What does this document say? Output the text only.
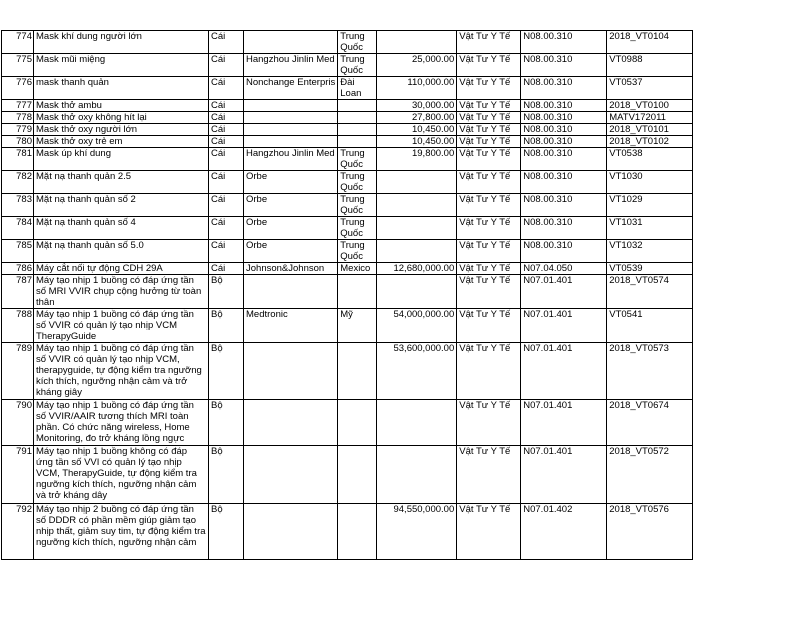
774	Mask khí dung người lớn	Cái		Trung Quốc		Vật Tư Y Tế	N08.00.310	2018_VT0104
775	Mask mũi miệng	Cái	Hangzhou Jinlin Med	Trung Quốc	25,000.00	Vật Tư Y Tế	N08.00.310	VT0988
776	mask thanh quản	Cái	Nonchange Enterpris	Đài Loan	110,000.00	Vật Tư Y Tế	N08.00.310	VT0537
777	Mask thở ambu	Cái			30,000.00	Vật Tư Y Tế	N08.00.310	2018_VT0100
778	Mask thở oxy không hít lại	Cái			27,800.00	Vật Tư Y Tế	N08.00.310	MATV172011
779	Mask thở oxy người lớn	Cái			10,450.00	Vật Tư Y Tế	N08.00.310	2018_VT0101
780	Mask thở oxy trẻ em	Cái			10,450.00	Vật Tư Y Tế	N08.00.310	2018_VT0102
781	Mask úp khí dung	Cái	Hangzhou Jinlin Med	Trung Quốc	19,800.00	Vật Tư Y Tế	N08.00.310	VT0538
782	Mặt nạ thanh quản 2.5	Cái	Orbe	Trung Quốc		Vật Tư Y Tế	N08.00.310	VT1030
783	Mặt nạ thanh quản số 2	Cái	Orbe	Trung Quốc		Vật Tư Y Tế	N08.00.310	VT1029
784	Mặt nạ thanh quản số 4	Cái	Orbe	Trung Quốc		Vật Tư Y Tế	N08.00.310	VT1031
785	Mặt nạ thanh quản số 5.0	Cái	Orbe	Trung Quốc		Vật Tư Y Tế	N08.00.310	VT1032
786	Máy cắt nối tự động CDH 29A	Cái	Johnson&Johnson	Mexico	12,680,000.00	Vật Tư Y Tế	N07.04.050	VT0539
787	Máy tạo nhịp 1 buồng có đáp ứng tần số MRI VVIR chụp cộng hưởng từ toàn thân	Bộ				Vật Tư Y Tế	N07.01.401	2018_VT0574
788	Máy tạo nhịp 1 buồng có đáp ứng tần số VVIR có quản lý tạo nhịp VCM TherapyGuide	Bộ	Medtronic	Mỹ	54,000,000.00	Vật Tư Y Tế	N07.01.401	VT0541
789	Máy tạo nhịp 1 buồng có đáp ứng tần số VVIR có quản lý tạo nhịp VCM, therapyguide, tự động kiểm tra ngưỡng kích thích, ngưỡng nhận cảm và trở kháng giây	Bộ			53,600,000.00	Vật Tư Y Tế	N07.01.401	2018_VT0573
790	Máy tạo nhịp 1 buồng có đáp ứng tần số VVIR/AAIR tương thích MRI toàn phần. Có chức năng wireless, Home Monitoring, đo trở kháng lồng ngực	Bộ				Vật Tư Y Tế	N07.01.401	2018_VT0674
791	Máy tạo nhịp 1 buồng không có đáp ứng tần số VVI có quản lý tạo nhịp VCM, TherapyGuide, tự động kiểm tra ngưỡng kích thích, ngưỡng nhận cảm và trở kháng dây	Bộ				Vật Tư Y Tế	N07.01.401	2018_VT0572
792	Máy tạo nhịp 2 buồng có đáp ứng tần số DDDR có phần mềm giúp giảm tạo nhịp thất, giảm suy tim, tự động kiểm tra ngưỡng kích thích, ngưỡng nhận cảm	Bộ			94,550,000.00	Vật Tư Y Tế	N07.01.402	2018_VT0576
